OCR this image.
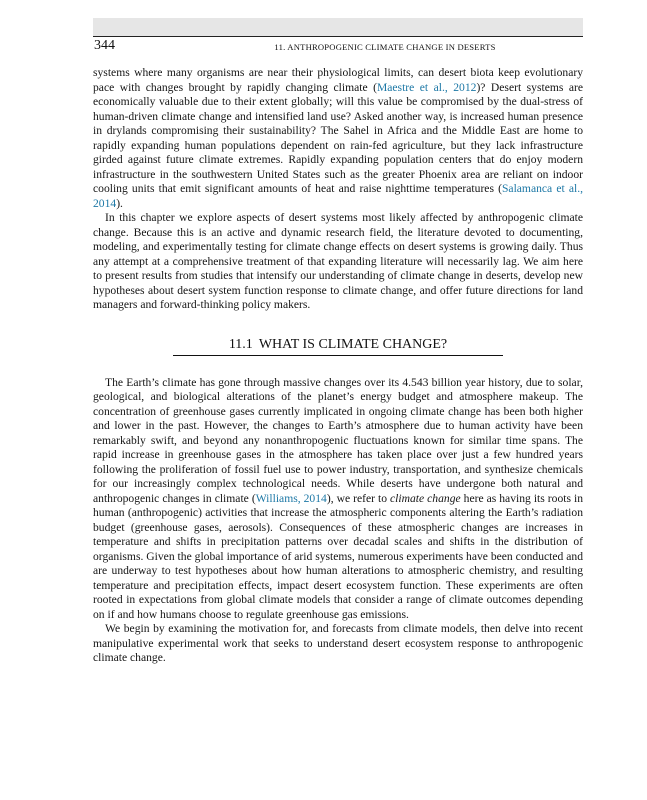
344	11. ANTHROPOGENIC CLIMATE CHANGE IN DESERTS

systems where many organisms are near their physiological limits, can desert biota keep evolutionary pace with changes brought by rapidly changing climate (Maestre et al., 2012)? Desert systems are economically valuable due to their extent globally; will this value be compromised by the dual-stress of human-driven climate change and intensified land use? Asked another way, is increased human presence in drylands compromising their sustainability? The Sahel in Africa and the Middle East are home to rapidly expanding human populations dependent on rain-fed agriculture, but they lack infrastructure girded against future climate extremes. Rapidly expanding population centers that do enjoy modern infrastructure in the southwestern United States such as the greater Phoenix area are reliant on indoor cooling units that emit significant amounts of heat and raise nighttime temperatures (Salamanca et al., 2014).

In this chapter we explore aspects of desert systems most likely affected by anthropogenic climate change. Because this is an active and dynamic research field, the literature devoted to documenting, modeling, and experimentally testing for climate change effects on desert systems is growing daily. Thus any attempt at a comprehensive treatment of that expanding literature will necessarily lag. We aim here to present results from studies that intensify our understanding of climate change in deserts, develop new hypotheses about desert system function response to climate change, and offer future directions for land managers and forward-thinking policy makers.

11.1 WHAT IS CLIMATE CHANGE?

The Earth’s climate has gone through massive changes over its 4.543 billion year history, due to solar, geological, and biological alterations of the planet’s energy budget and atmosphere makeup. The concentration of greenhouse gases currently implicated in ongoing climate change has been both higher and lower in the past. However, the changes to Earth’s atmosphere due to human activity have been remarkably swift, and beyond any nonanthropogenic fluctuations known for similar time spans. The rapid increase in greenhouse gases in the atmosphere has taken place over just a few hundred years following the proliferation of fossil fuel use to power industry, transportation, and synthesize chemicals for our increasingly complex technological needs. While deserts have undergone both natural and anthropogenic changes in climate (Williams, 2014), we refer to climate change here as having its roots in human (anthropogenic) activities that increase the atmospheric components altering the Earth’s radiation budget (greenhouse gases, aerosols). Consequences of these atmospheric changes are increases in temperature and shifts in precipitation patterns over decadal scales and shifts in the distribution of organisms. Given the global importance of arid systems, numerous experiments have been conducted and are underway to test hypotheses about how human alterations to atmospheric chemistry, and resulting temperature and precipitation effects, impact desert ecosystem function. These experiments are often rooted in expectations from global climate models that consider a range of climate outcomes depending on if and how humans choose to regulate greenhouse gas emissions.

We begin by examining the motivation for, and forecasts from climate models, then delve into recent manipulative experimental work that seeks to understand desert ecosystem response to anthropogenic climate change.
